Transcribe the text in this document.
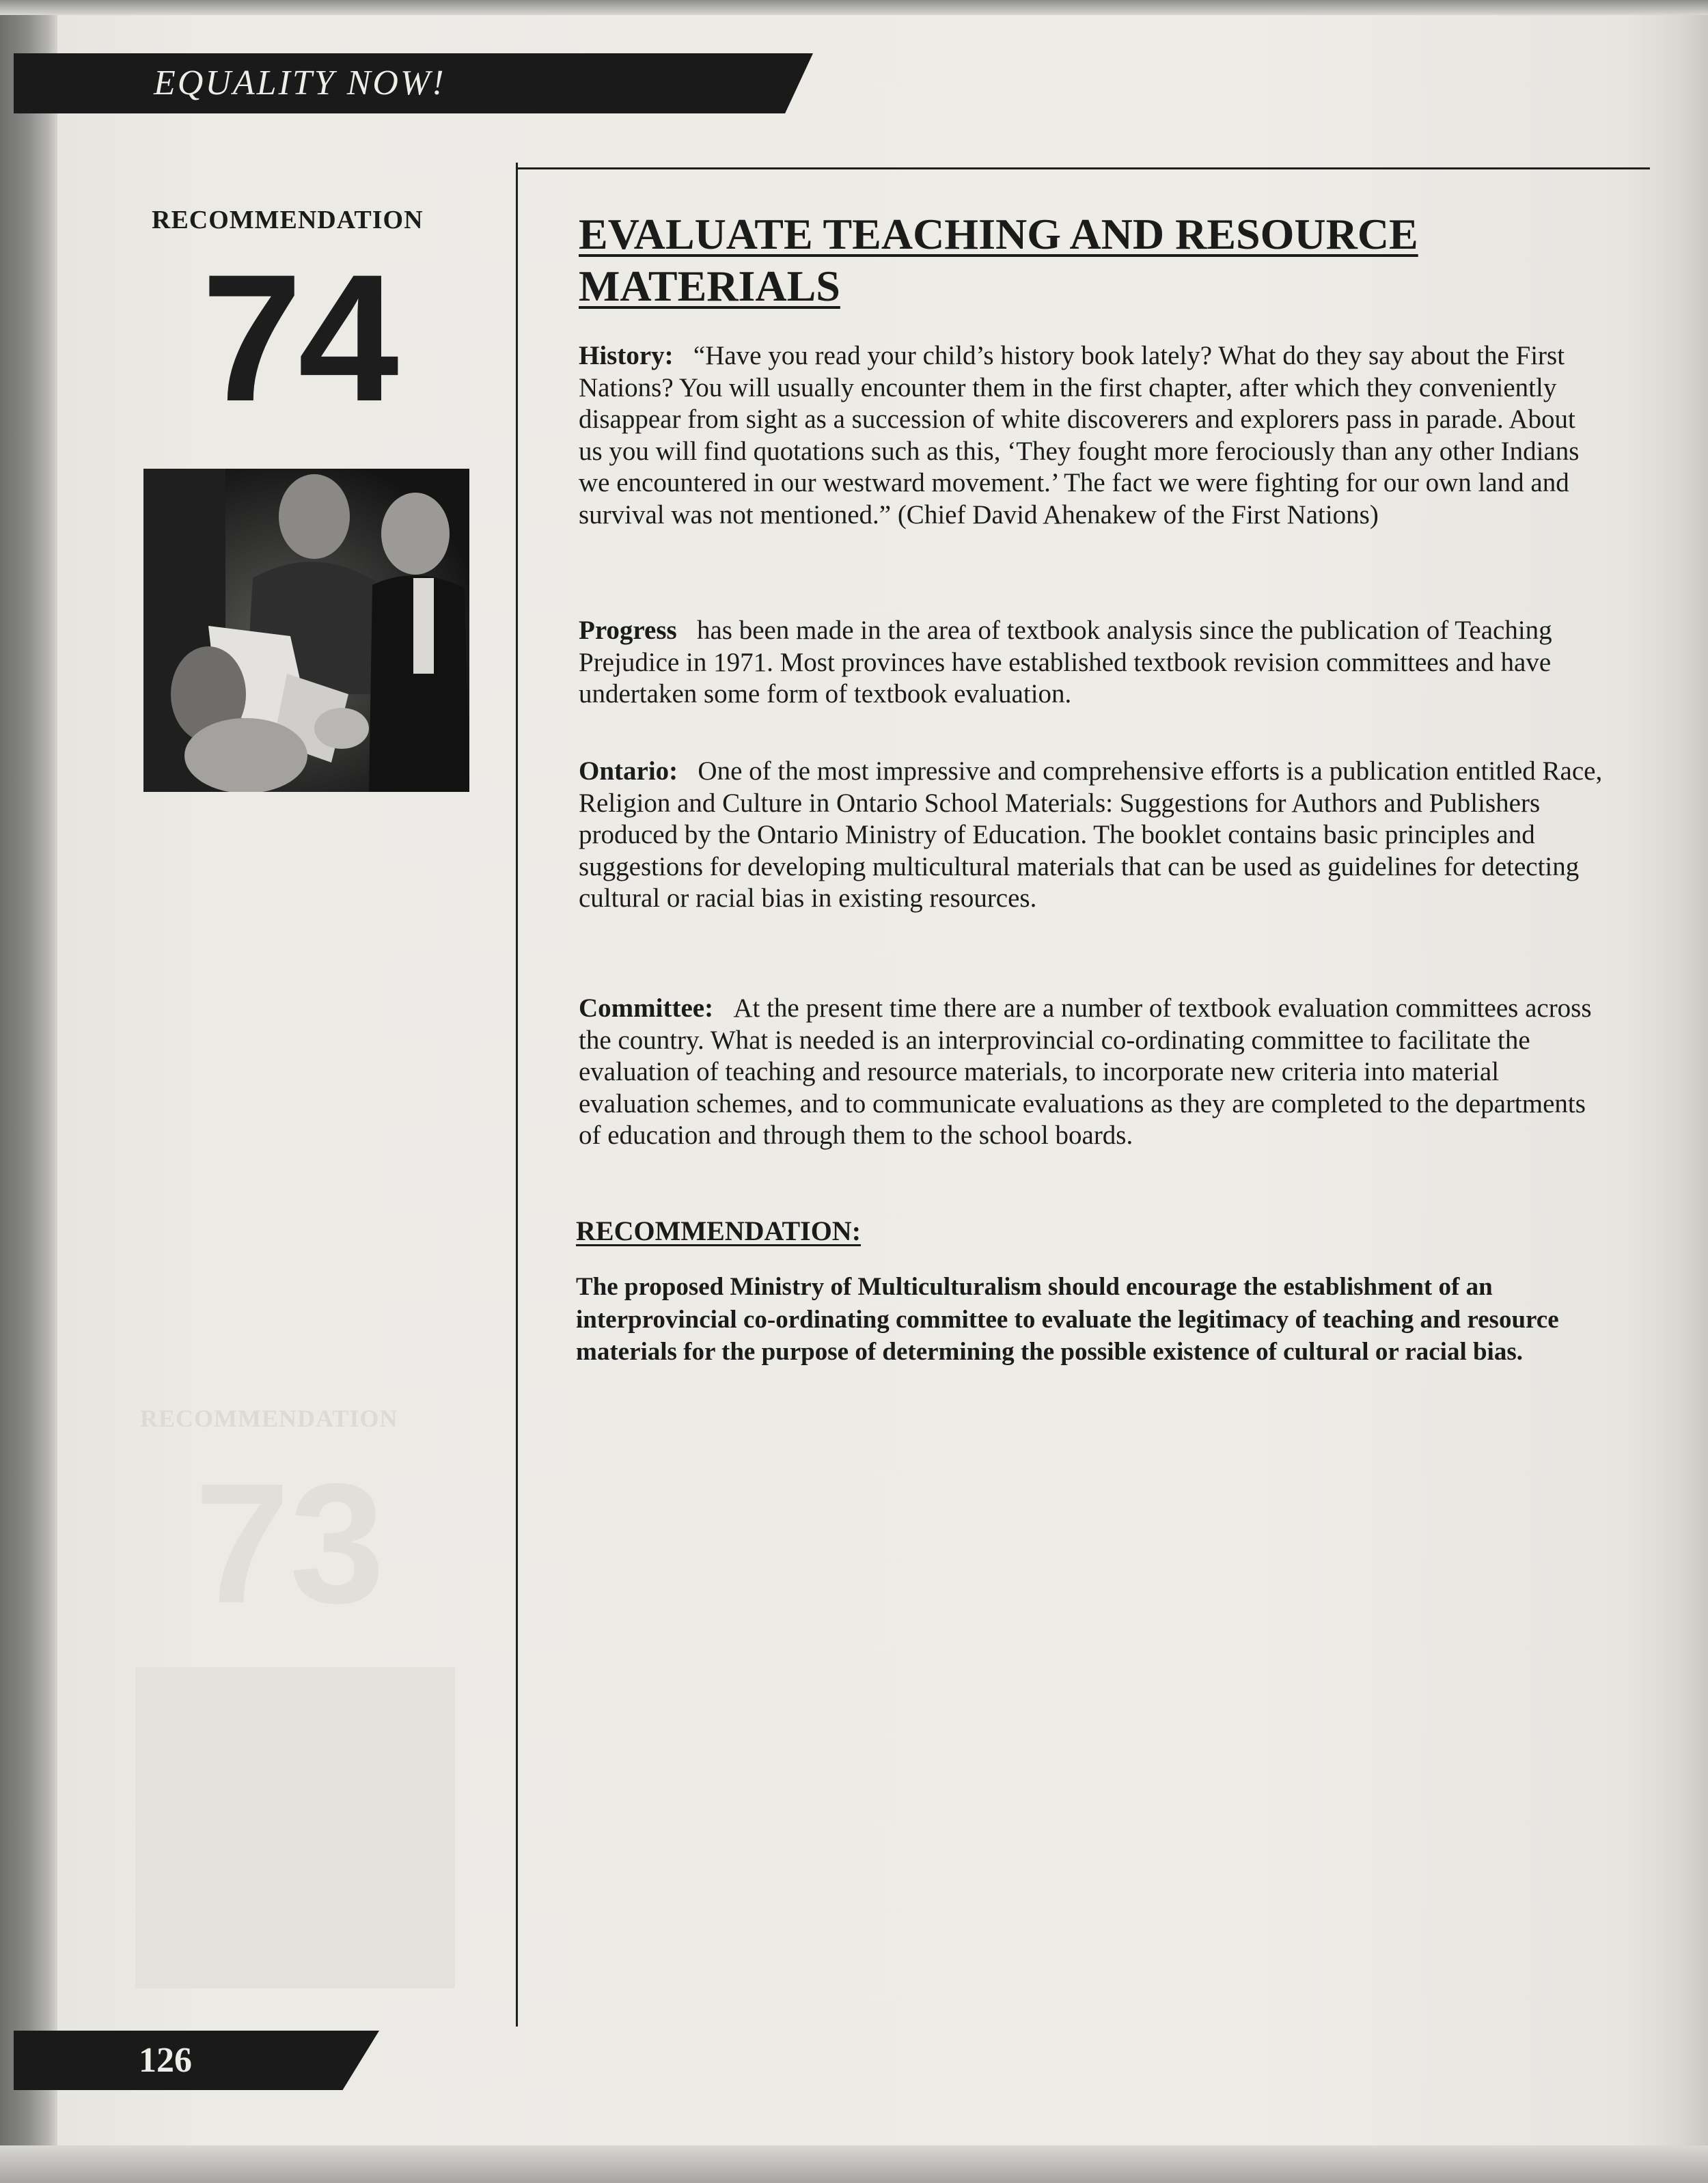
EQUALITY NOW!
RECOMMENDATION
74
RECOMMENDATION
73
EVALUATE TEACHING AND RESOURCE
MATERIALS
History: “Have you read your child’s history book lately? What do they say about the First Nations? You will usually encounter them in the first chapter, after which they conveniently disappear from sight as a succession of white discoverers and explorers pass in parade. About us you will find quotations such as this, ‘They fought more ferociously than any other Indians we encountered in our westward movement.’ The fact we were fighting for our own land and survival was not mentioned.” (Chief David Ahenakew of the First Nations)
Progress has been made in the area of textbook analysis since the publication of Teaching Prejudice in 1971. Most provinces have established textbook revision committees and have undertaken some form of textbook evaluation.
Ontario: One of the most impressive and comprehensive efforts is a publication entitled Race, Religion and Culture in Ontario School Materials: Suggestions for Authors and Publishers produced by the Ontario Ministry of Education. The booklet contains basic principles and suggestions for developing multicultural materials that can be used as guidelines for detecting cultural or racial bias in existing resources.
Committee: At the present time there are a number of textbook evaluation committees across the country. What is needed is an interprovincial co-ordinating committee to facilitate the evaluation of teaching and resource materials, to incorporate new criteria into material evaluation schemes, and to communicate evaluations as they are completed to the departments of education and through them to the school boards.
RECOMMENDATION:
The proposed Ministry of Multiculturalism should encourage the establishment of an interprovincial co-ordinating committee to evaluate the legitimacy of teaching and resource materials for the purpose of determining the possible existence of cultural or racial bias.
126
